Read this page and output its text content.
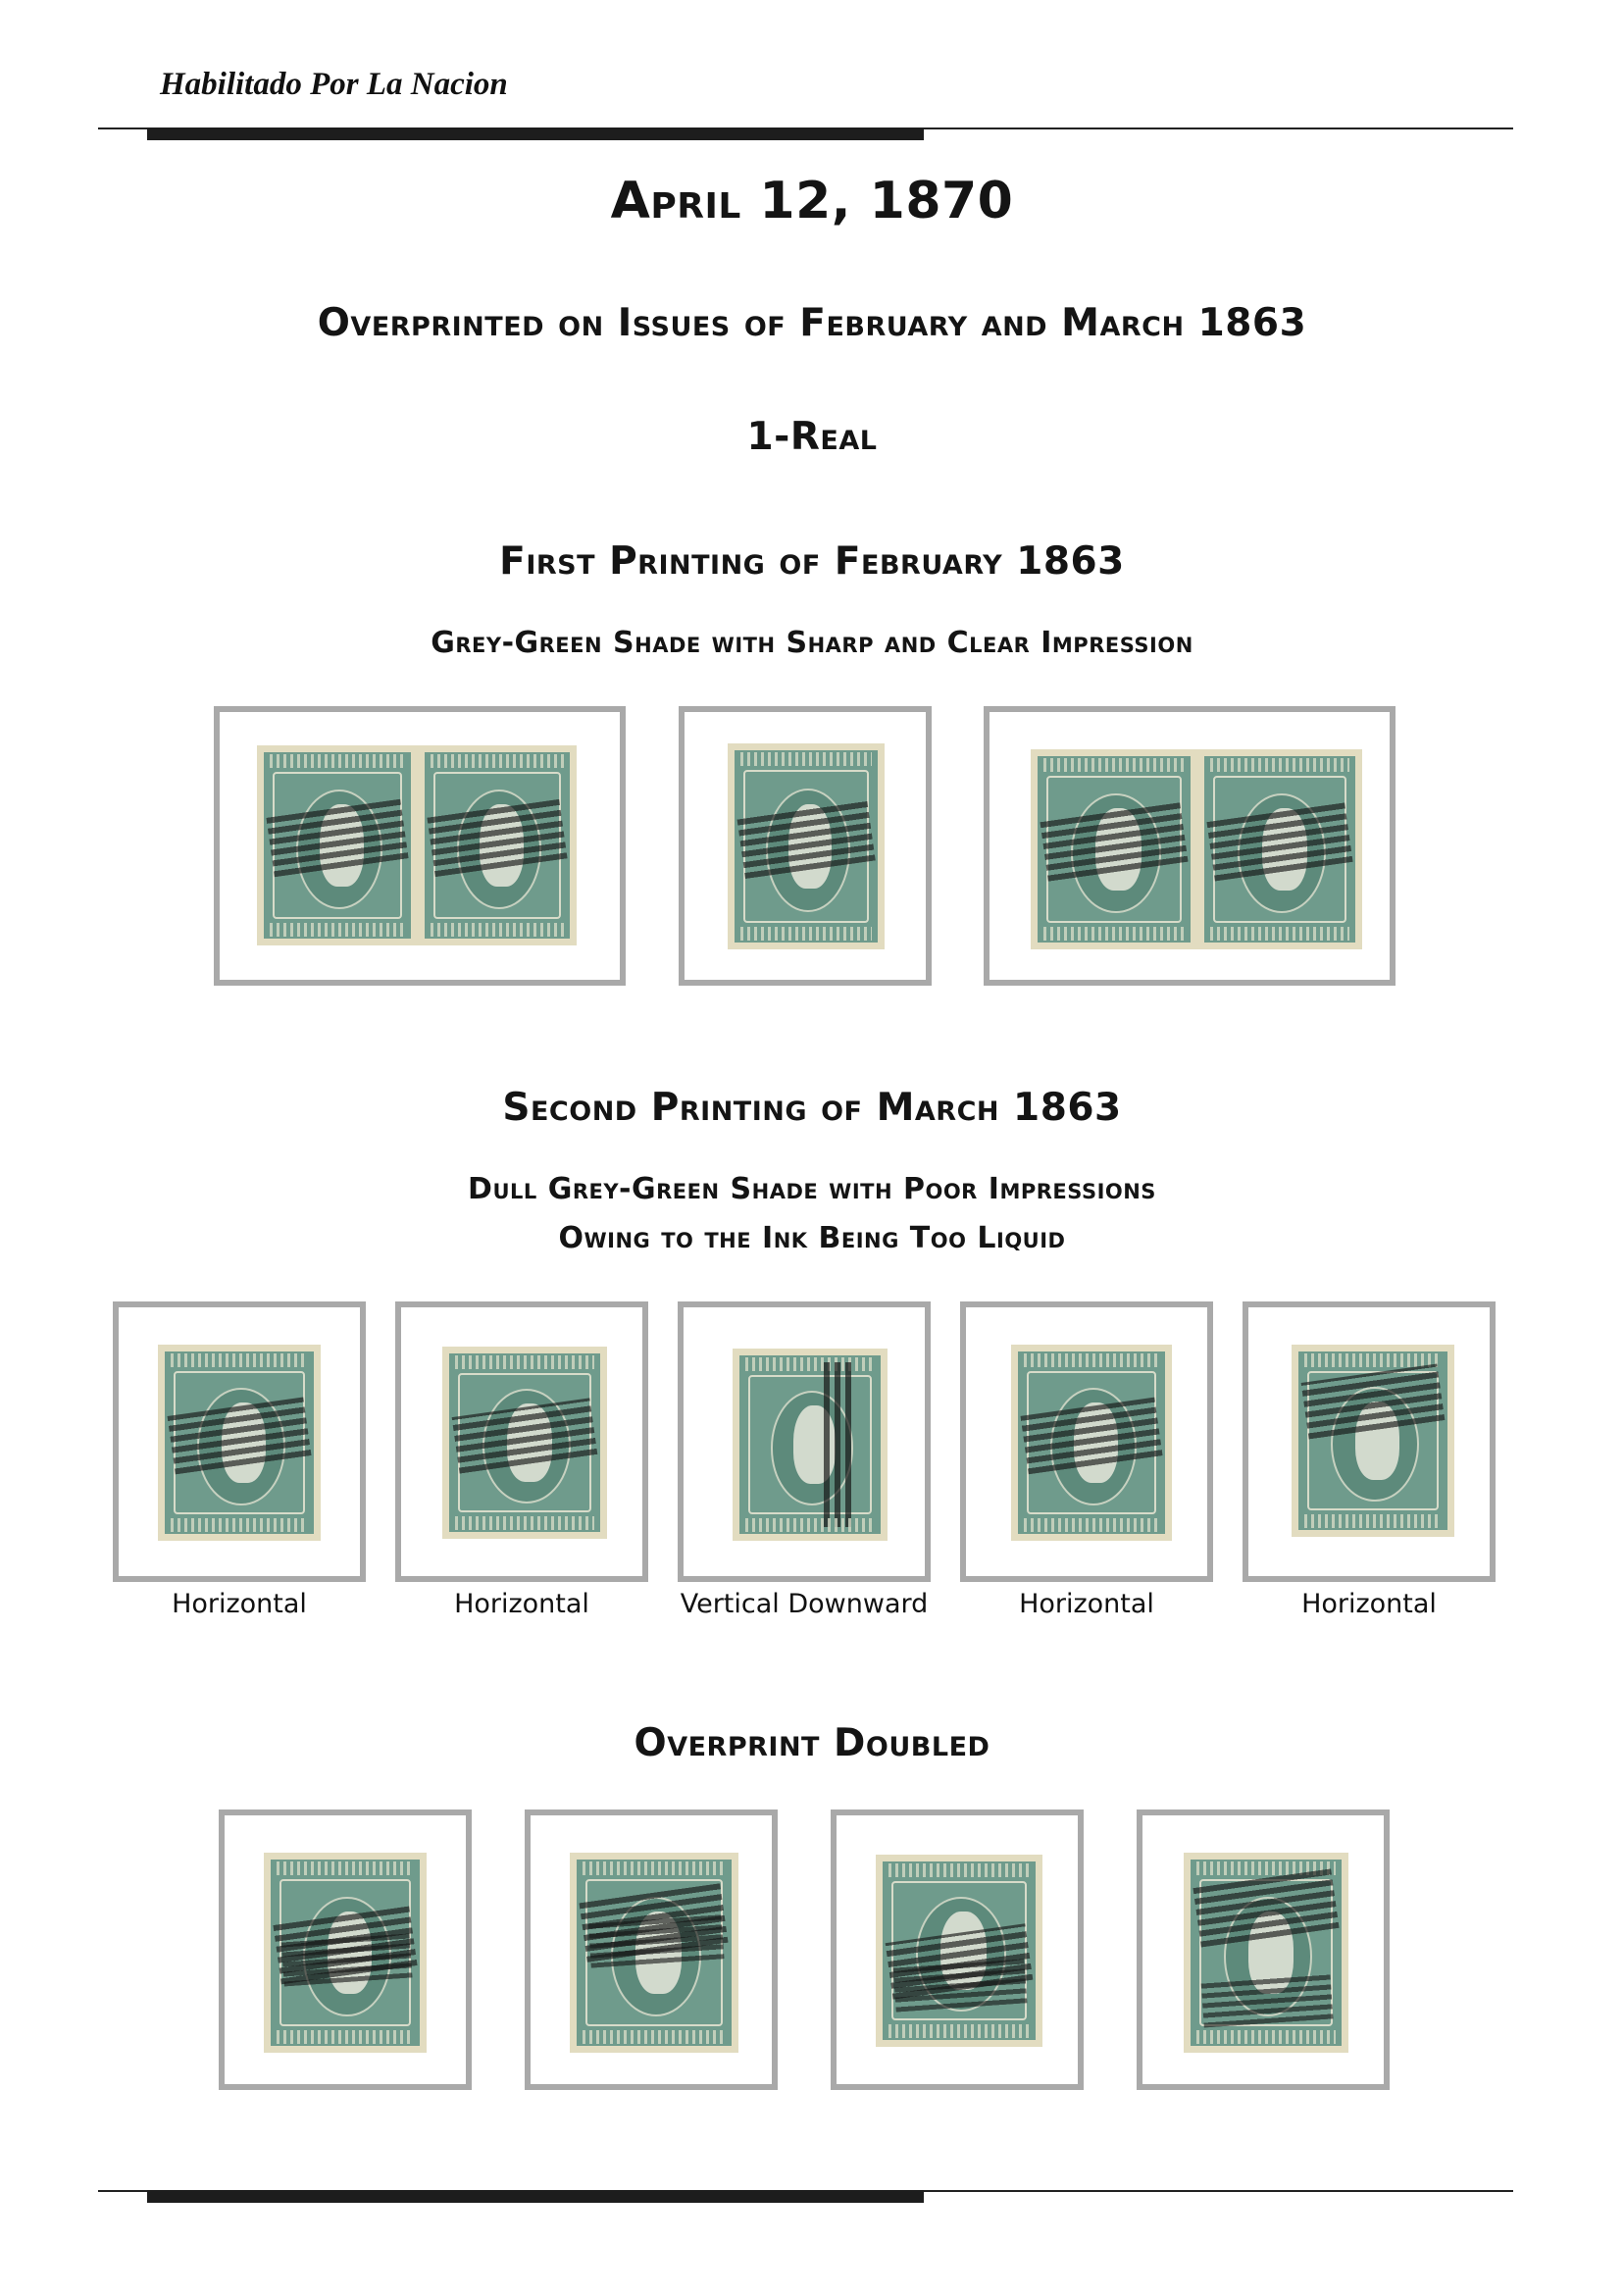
Habilitado Por La Nacion
April 12, 1870
Overprinted on Issues of February and March 1863
1-Real
First Printing of February 1863
Grey-Green Shade with Sharp and Clear Impression
Second Printing of March 1863
Dull Grey-Green Shade with Poor Impressions
Owing to the Ink Being Too Liquid
Horizontal	Horizontal	Vertical Downward	Horizontal	Horizontal
Overprint Doubled
